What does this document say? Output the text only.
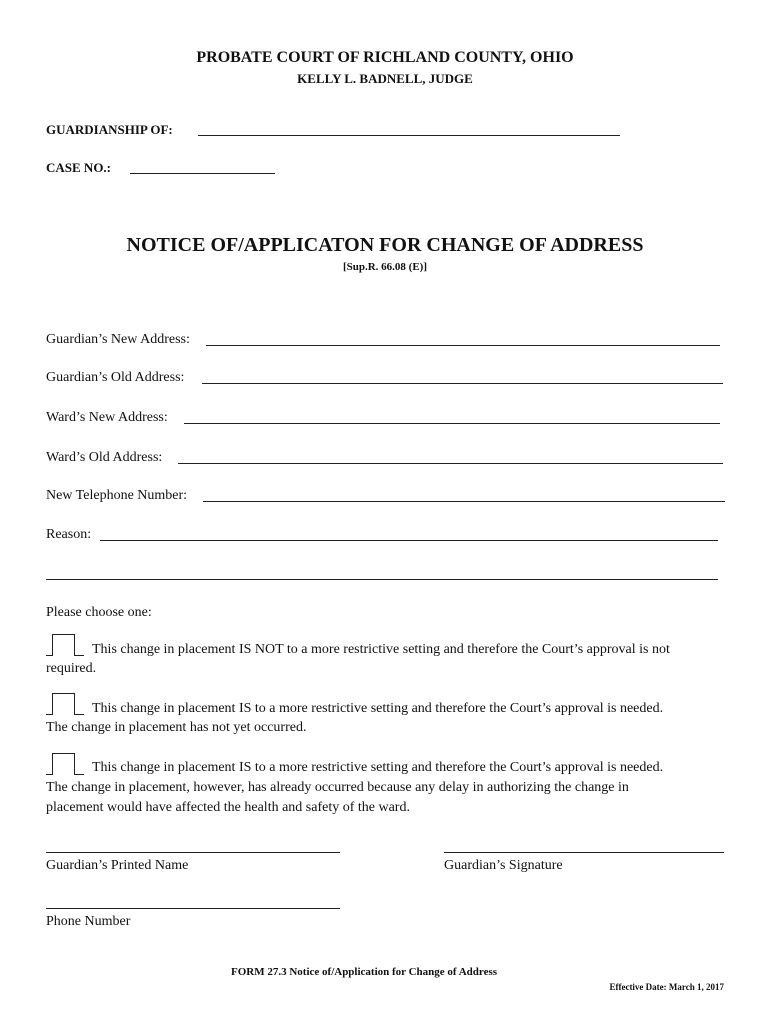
PROBATE COURT OF RICHLAND COUNTY, OHIO
KELLY L. BADNELL, JUDGE
GUARDIANSHIP OF:
CASE NO.:
NOTICE OF/APPLICATON FOR CHANGE OF ADDRESS
[Sup.R. 66.08 (E)]
Guardian’s New Address:
Guardian’s Old Address:
Ward’s New Address:
Ward’s Old Address:
New Telephone Number:
Reason:
Please choose one:
This change in placement IS NOT to a more restrictive setting and therefore the Court’s approval is not
required.
This change in placement IS to a more restrictive setting and therefore the Court’s approval is needed.
The change in placement has not yet occurred.
This change in placement IS to a more restrictive setting and therefore the Court’s approval is needed.
The change in placement, however, has already occurred because any delay in authorizing the change in
placement would have affected the health and safety of the ward.
Guardian’s Printed Name	Guardian’s Signature
Phone Number
FORM 27.3 Notice of/Application for Change of Address
Effective Date: March 1, 2017
